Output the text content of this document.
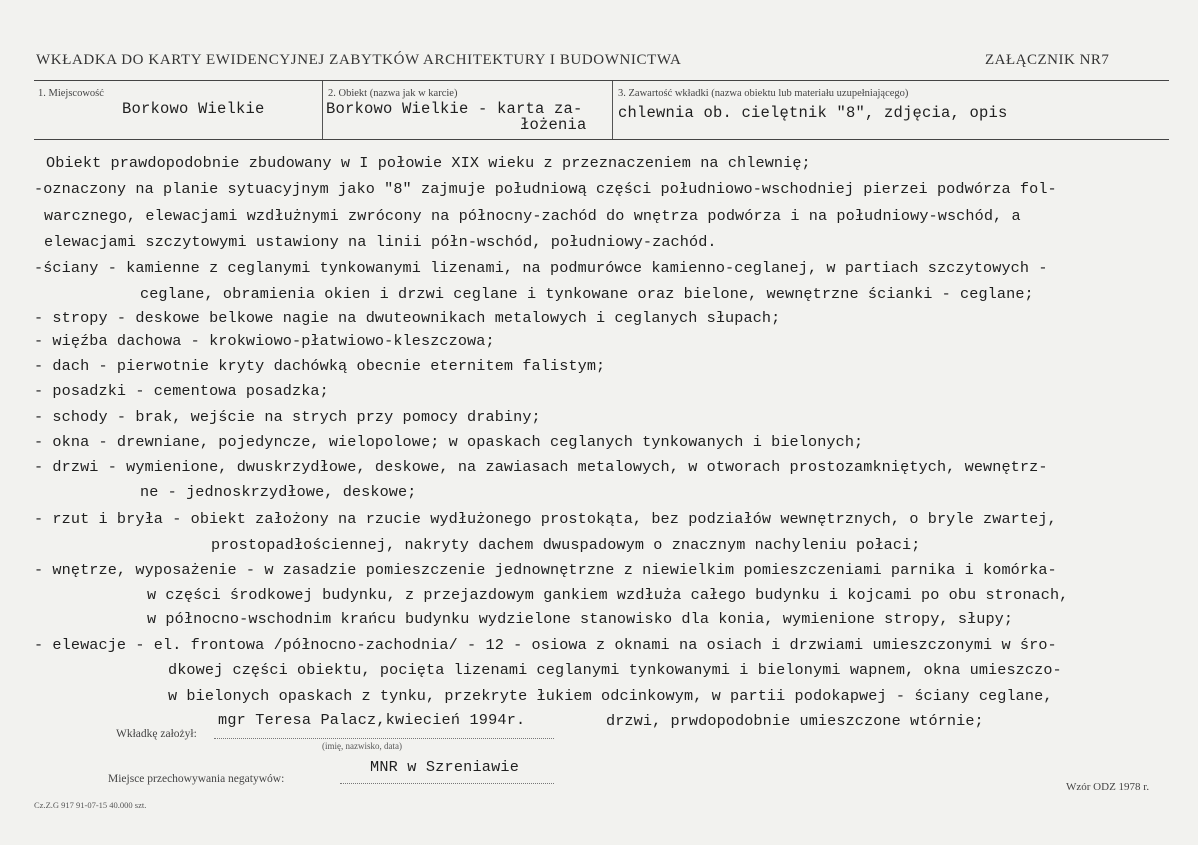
WKŁADKA DO KARTY EWIDENCYJNEJ ZABYTKÓW ARCHITEKTURY I BUDOWNICTWA	ZAŁĄCZNIK NR7
1. Miejscowość
Borkowo Wielkie
2. Obiekt (nazwa jak w karcie)
Borkowo Wielkie - karta za-
łożenia
3. Zawartość wkładki (nazwa obiektu lub materiału uzupełniającego)
chlewnia ob. cielętnik "8", zdjęcia, opis
Obiekt prawdopodobnie zbudowany w I połowie XIX wieku z przeznaczeniem na chlewnię;
-oznaczony na planie sytuacyjnym jako "8" zajmuje południową części południowo-wschodniej pierzei podwórza fol-
warcznego, elewacjami wzdłużnymi zwrócony na północny-zachód do wnętrza podwórza i na południowy-wschód, a
elewacjami szczytowymi ustawiony na linii półn-wschód, południowy-zachód.
-ściany - kamienne z ceglanymi tynkowanymi lizenami, na podmurówce kamienno-ceglanej, w partiach szczytowych -
ceglane, obramienia okien i drzwi ceglane i tynkowane oraz bielone, wewnętrzne ścianki - ceglane;
- stropy - deskowe belkowe nagie na dwuteownikach metalowych i ceglanych słupach;
- więźba dachowa - krokwiowo-płatwiowo-kleszczowa;
- dach - pierwotnie kryty dachówką obecnie eternitem falistym;
- posadzki - cementowa posadzka;
- schody - brak, wejście na strych przy pomocy drabiny;
- okna - drewniane, pojedyncze, wielopolowe; w opaskach ceglanych tynkowanych i bielonych;
- drzwi - wymienione, dwuskrzydłowe, deskowe, na zawiasach metalowych, w otworach prostozamkniętych, wewnętrz-
ne - jednoskrzydłowe, deskowe;
- rzut i bryła - obiekt założony na rzucie wydłużonego prostokąta, bez podziałów wewnętrznych, o bryle zwartej,
prostopadłościennej, nakryty dachem dwuspadowym o znacznym nachyleniu połaci;
- wnętrze, wyposażenie - w zasadzie pomieszczenie jednownętrzne z niewielkim pomieszczeniami parnika i komórka-
w części środkowej budynku, z przejazdowym gankiem wzdłuża całego budynku i kojcami po obu stronach,
w północno-wschodnim krańcu budynku wydzielone stanowisko dla konia, wymienione stropy, słupy;
- elewacje - el. frontowa /północno-zachodnia/ - 12 - osiowa z oknami na osiach i drzwiami umieszczonymi w śro-
dkowej części obiektu, pocięta lizenami ceglanymi tynkowanymi i bielonymi wapnem, okna umieszczo-
w bielonych opaskach z tynku, przekryte łukiem odcinkowym, w partii podokapwej - ściany ceglane,
drzwi, prwdopodobnie umieszczone wtórnie;
mgr Teresa Palacz,kwiecień 1994r.
Wkładkę założył:
(imię, nazwisko, data)
MNR w Szreniawie
Miejsce przechowywania negatywów:
Cz.Z.G 917 91-07-15 40.000 szt.
Wzór ODZ 1978 r.
